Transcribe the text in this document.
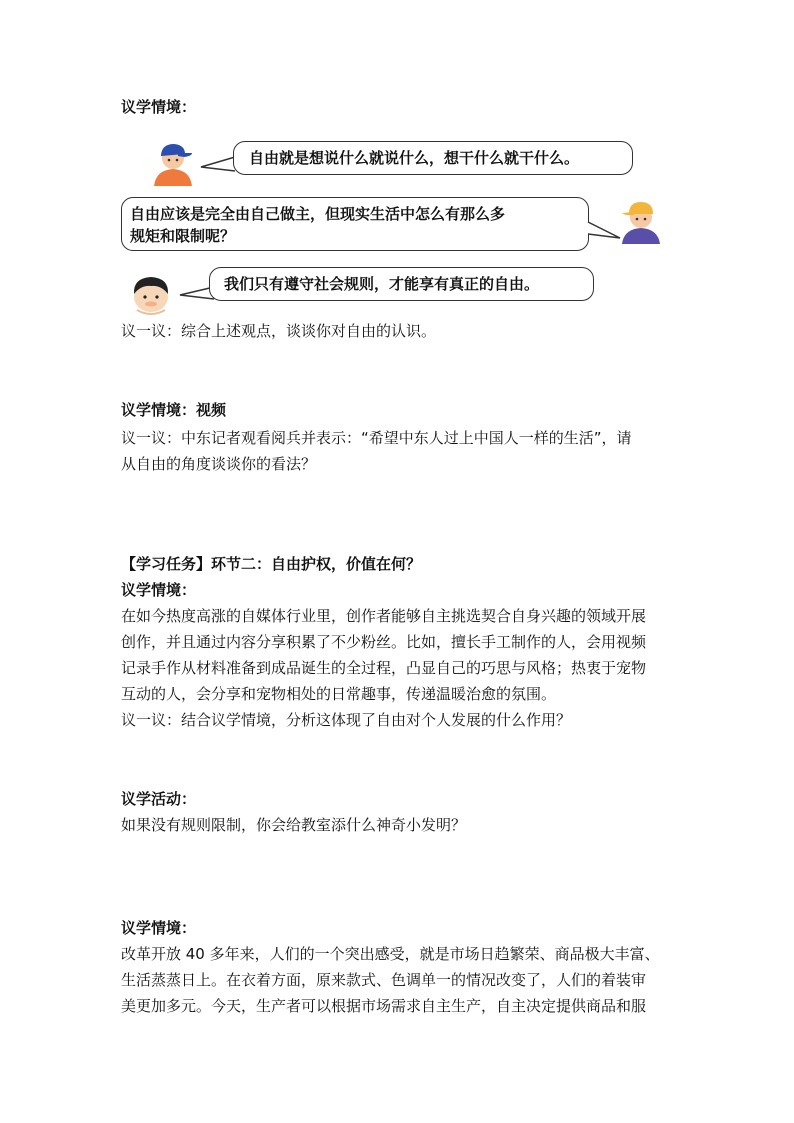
议学情境：

自由就是想说什么就说什么，想干什么就干什么。
自由应该是完全由自己做主，但现实生活中怎么有那么多
规矩和限制呢？
我们只有遵守社会规则，才能享有真正的自由。

议一议：综合上述观点，谈谈你对自由的认识。

议学情境：视频

议一议：中东记者观看阅兵并表示：“希望中东人过上中国人一样的生活”，请

从自由的角度谈谈你的看法？

【学习任务】环节二：自由护权，价值在何？

议学情境：

在如今热度高涨的自媒体行业里，创作者能够自主挑选契合自身兴趣的领域开展

创作，并且通过内容分享积累了不少粉丝。比如，擅长手工制作的人，会用视频

记录手作从材料准备到成品诞生的全过程，凸显自己的巧思与风格；热衷于宠物

互动的人，会分享和宠物相处的日常趣事，传递温暖治愈的氛围。

议一议：结合议学情境，分析这体现了自由对个人发展的什么作用？

议学活动：

如果没有规则限制，你会给教室添什么神奇小发明？

议学情境：

改革开放 40 多年来，人们的一个突出感受，就是市场日趋繁荣、商品极大丰富、

生活蒸蒸日上。在衣着方面，原来款式、色调单一的情况改变了，人们的着装审

美更加多元。今天，生产者可以根据市场需求自主生产，自主决定提供商品和服
